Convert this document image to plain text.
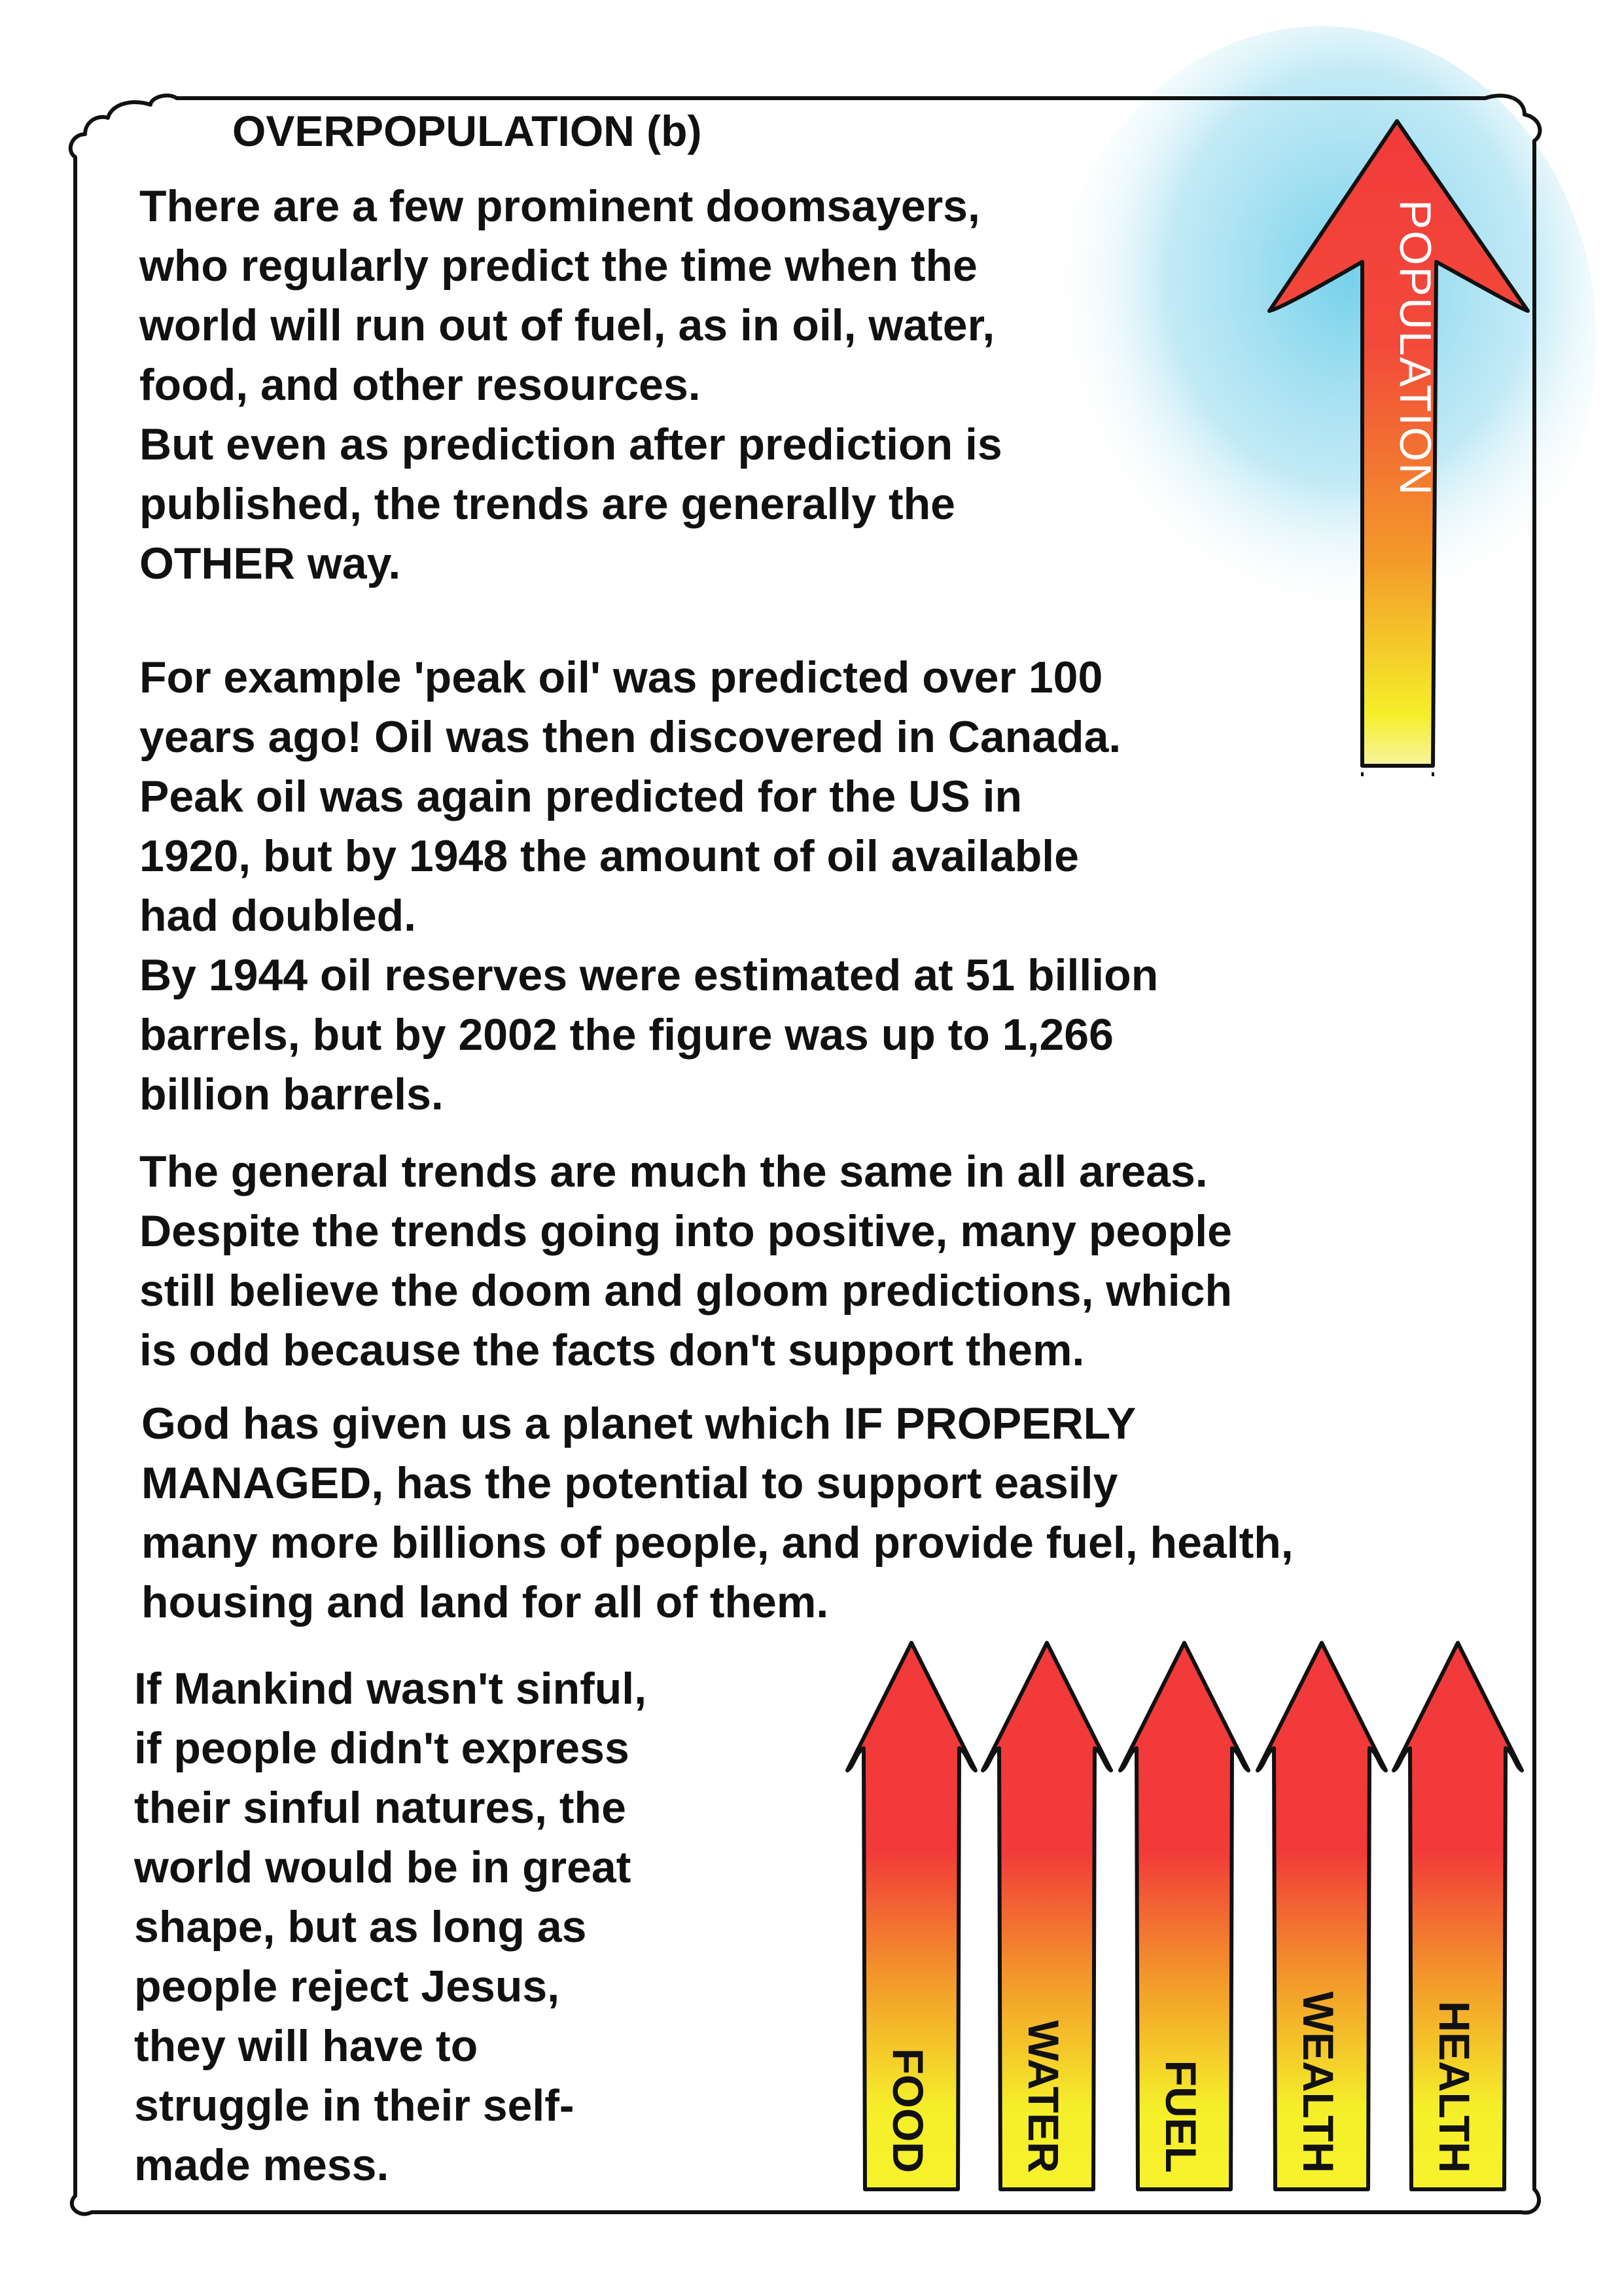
POPULATION
FOOD WATER FUEL WEALTH HEALTH
OVERPOPULATION (b)
There are a few prominent doomsayers,
who regularly predict the time when the
world will run out of fuel, as in oil, water,
food, and other resources.
But even as prediction after prediction is
published, the trends are generally the
OTHER way.
For example 'peak oil' was predicted over 100
years ago! Oil was then discovered in Canada.
Peak oil was again predicted for the US in
1920, but by 1948 the amount of oil available
had doubled.
By 1944 oil reserves were estimated at 51 billion
barrels, but by 2002 the figure was up to 1,266
billion barrels.
The general trends are much the same in all areas.
Despite the trends going into positive, many people
still believe the doom and gloom predictions, which
is odd because the facts don't support them.
God has given us a planet which IF PROPERLY
MANAGED, has the potential to support easily
many more billions of people, and provide fuel, health,
housing and land for all of them.
If Mankind wasn't sinful,
if people didn't express
their sinful natures, the
world would be in great
shape, but as long as
people reject Jesus,
they will have to
struggle in their self-
made mess.
